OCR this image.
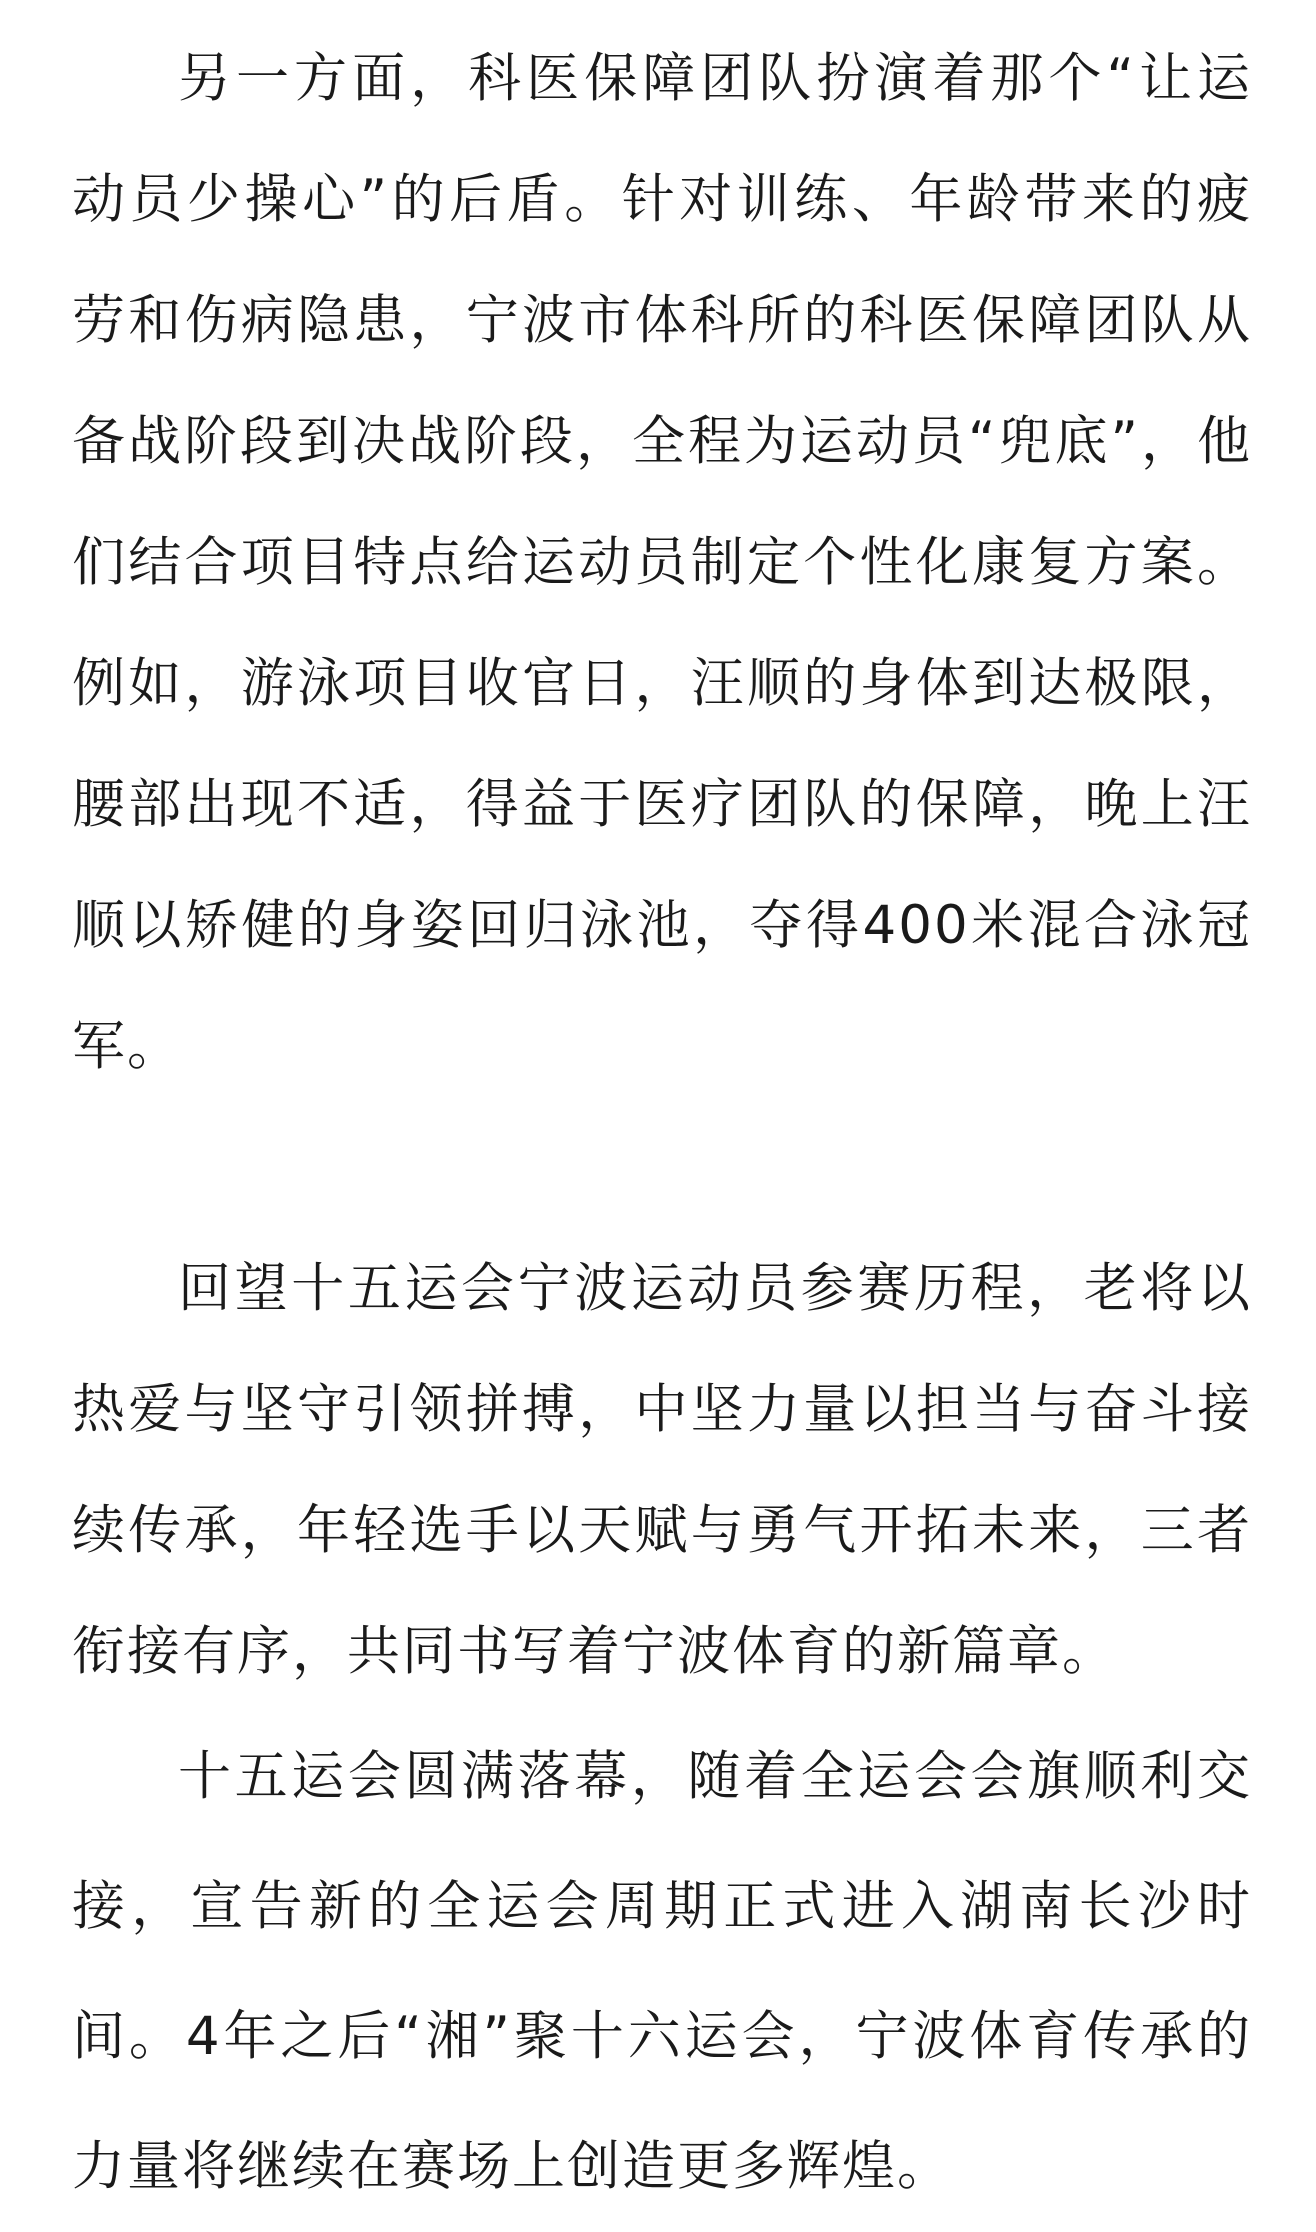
另一方面，科医保障团队扮演着那个“让运动员少操心”的后盾。针对训练、年龄带来的疲劳和伤病隐患，宁波市体科所的科医保障团队从备战阶段到决战阶段，全程为运动员“兜底”，他们结合项目特点给运动员制定个性化康复方案。例如，游泳项目收官日，汪顺的身体到达极限，腰部出现不适，得益于医疗团队的保障，晚上汪顺以矫健的身姿回归泳池，夺得400米混合泳冠军。

回望十五运会宁波运动员参赛历程，老将以热爱与坚守引领拼搏，中坚力量以担当与奋斗接续传承，年轻选手以天赋与勇气开拓未来，三者衔接有序，共同书写着宁波体育的新篇章。

十五运会圆满落幕，随着全运会会旗顺利交接，宣告新的全运会周期正式进入湖南长沙时间。4年之后“湘”聚十六运会，宁波体育传承的力量将继续在赛场上创造更多辉煌。
